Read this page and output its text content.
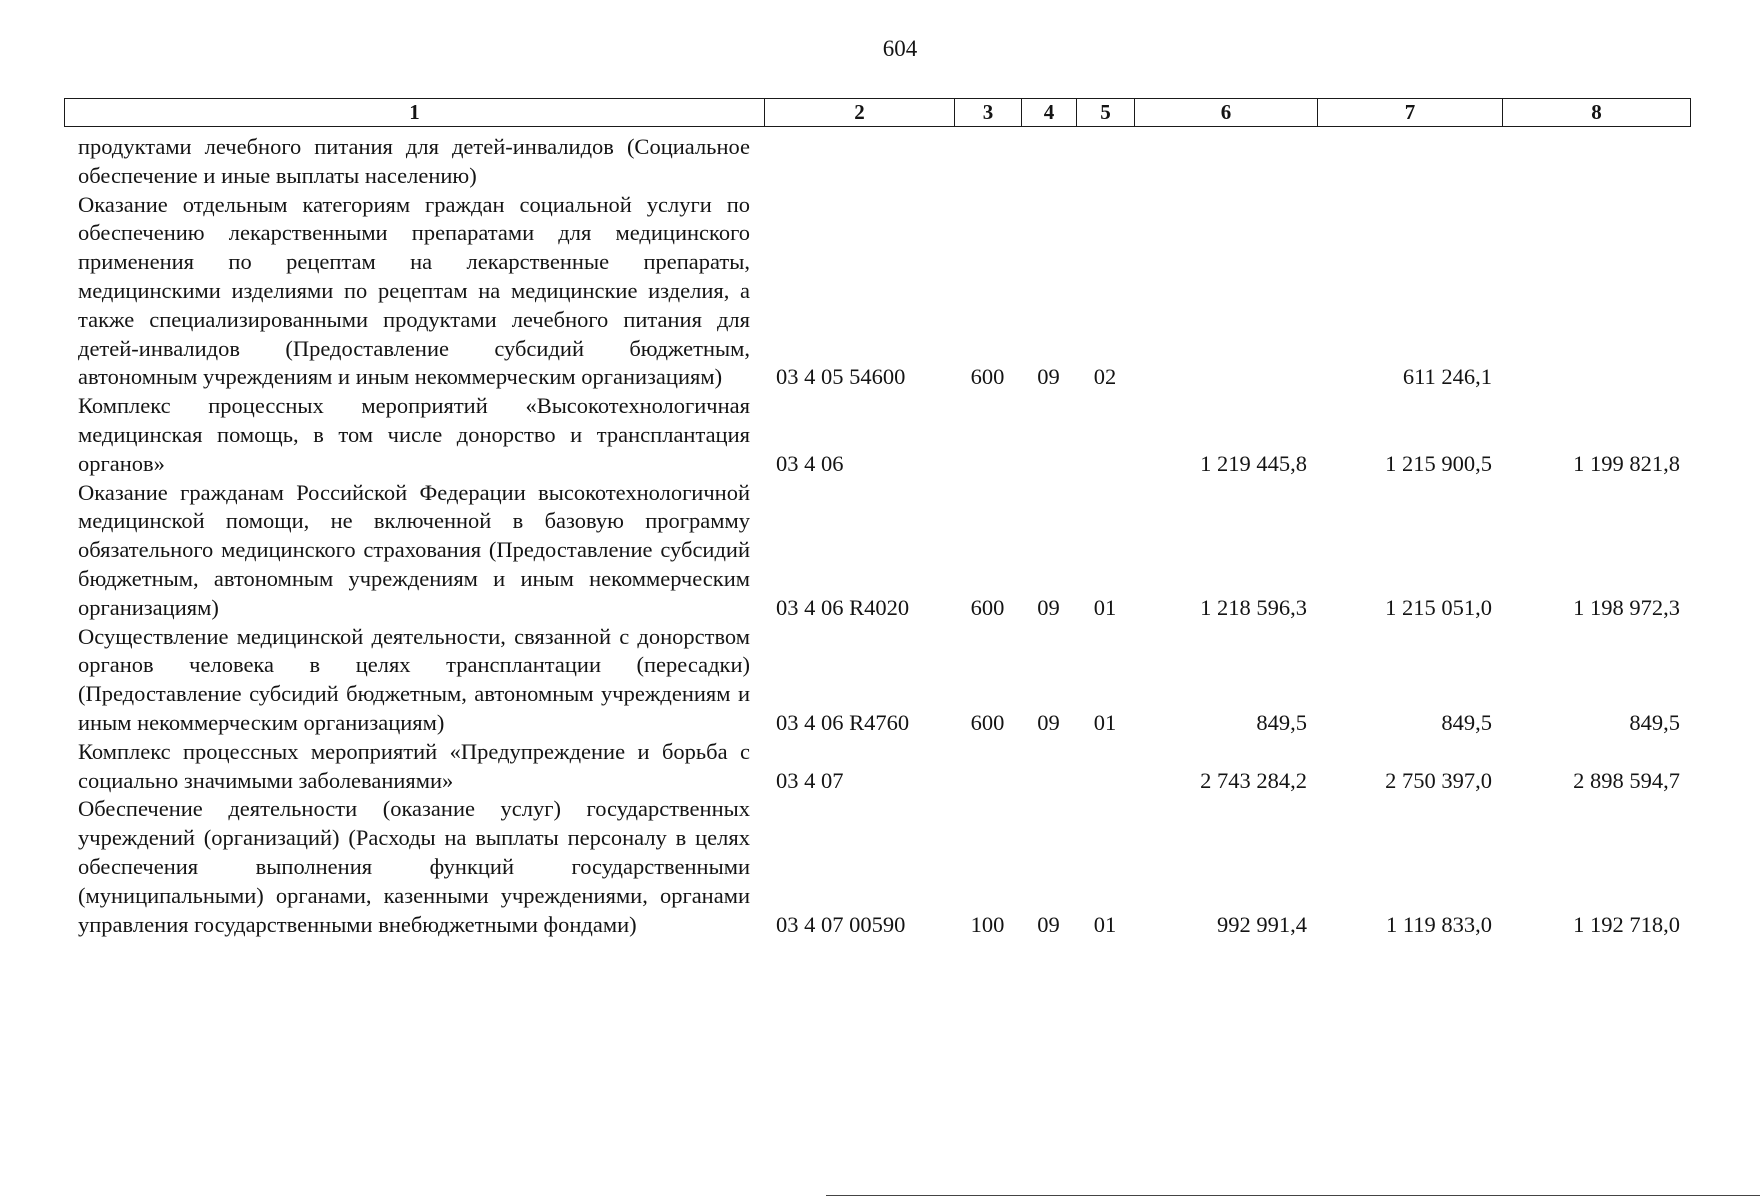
604
1	2	3	4	5	6	7	8
продуктами лечебного питания для детей-инвалидов (Социальное обеспечение и иные выплаты населению)							
Оказание отдельным категориям граждан социальной услуги по обеспечению лекарственными препаратами для медицинского применения по рецептам на лекарственные препараты, медицинскими изделиями по рецептам на медицинские изделия, а также специализированными продуктами лечебного питания для детей-инвалидов (Предоставление субсидий бюджетным, автономным учреждениям и иным некоммерческим организациям)	03 4 05 54600	600	09	02		611 246,1	
Комплекс процессных мероприятий «Высокотехнологичная медицинская помощь, в том числе донорство и трансплантация органов»	03 4 06				1 219 445,8	1 215 900,5	1 199 821,8
Оказание гражданам Российской Федерации высокотехнологичной медицинской помощи, не включенной в базовую программу обязательного медицинского страхования (Предоставление субсидий бюджетным, автономным учреждениям и иным некоммерческим организациям)	03 4 06 R4020	600	09	01	1 218 596,3	1 215 051,0	1 198 972,3
Осуществление медицинской деятельности, связанной с донорством органов человека в целях трансплантации (пересадки) (Предоставление субсидий бюджетным, автономным учреждениям и иным некоммерческим организациям)	03 4 06 R4760	600	09	01	849,5	849,5	849,5
Комплекс процессных мероприятий «Предупреждение и борьба с социально значимыми заболеваниями»	03 4 07				2 743 284,2	2 750 397,0	2 898 594,7
Обеспечение деятельности (оказание услуг) государственных учреждений (организаций) (Расходы на выплаты персоналу в целях обеспечения выполнения функций государственными (муниципальными) органами, казенными учреждениями, органами управления государственными внебюджетными фондами)	03 4 07 00590	100	09	01	992 991,4	1 119 833,0	1 192 718,0
